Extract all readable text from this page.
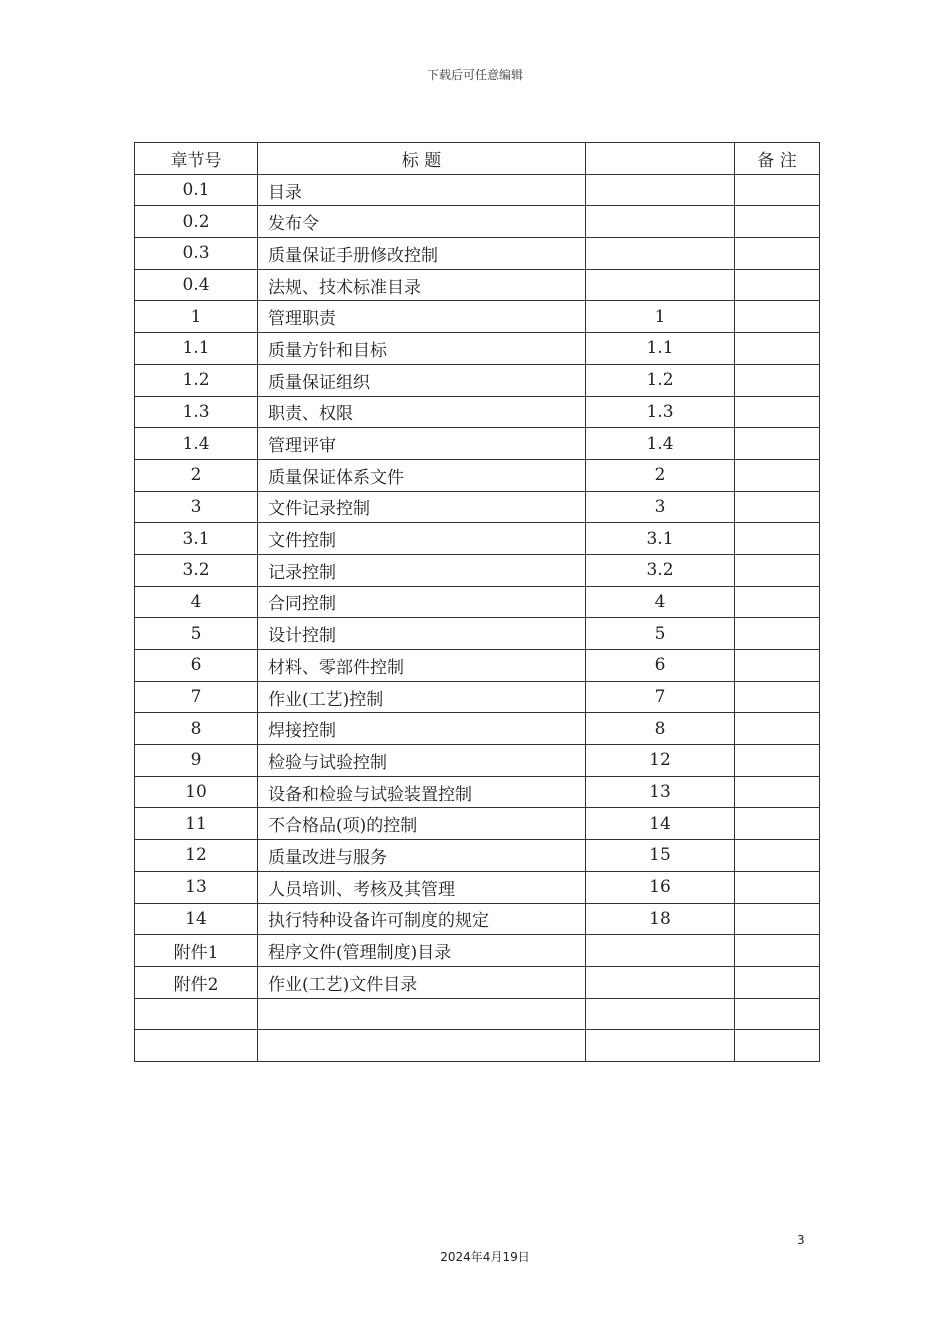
下载后可任意编辑
章节号	标 题		备 注
0.1	目录		
0.2	发布令		
0.3	质量保证手册修改控制		
0.4	法规、技术标准目录		
1	管理职责	1	
1.1	质量方针和目标	1.1	
1.2	质量保证组织	1.2	
1.3	职责、权限	1.3	
1.4	管理评审	1.4	
2	质量保证体系文件	2	
3	文件记录控制	3	
3.1	文件控制	3.1	
3.2	记录控制	3.2	
4	合同控制	4	
5	设计控制	5	
6	材料、零部件控制	6	
7	作业(工艺)控制	7	
8	焊接控制	8	
9	检验与试验控制	12	
10	设备和检验与试验装置控制	13	
11	不合格品(项)的控制	14	
12	质量改进与服务	15	
13	人员培训、考核及其管理	16	
14	执行特种设备许可制度的规定	18	
附件1	程序文件(管理制度)目录		
附件2	作业(工艺)文件目录		

3
2024年4月19日
